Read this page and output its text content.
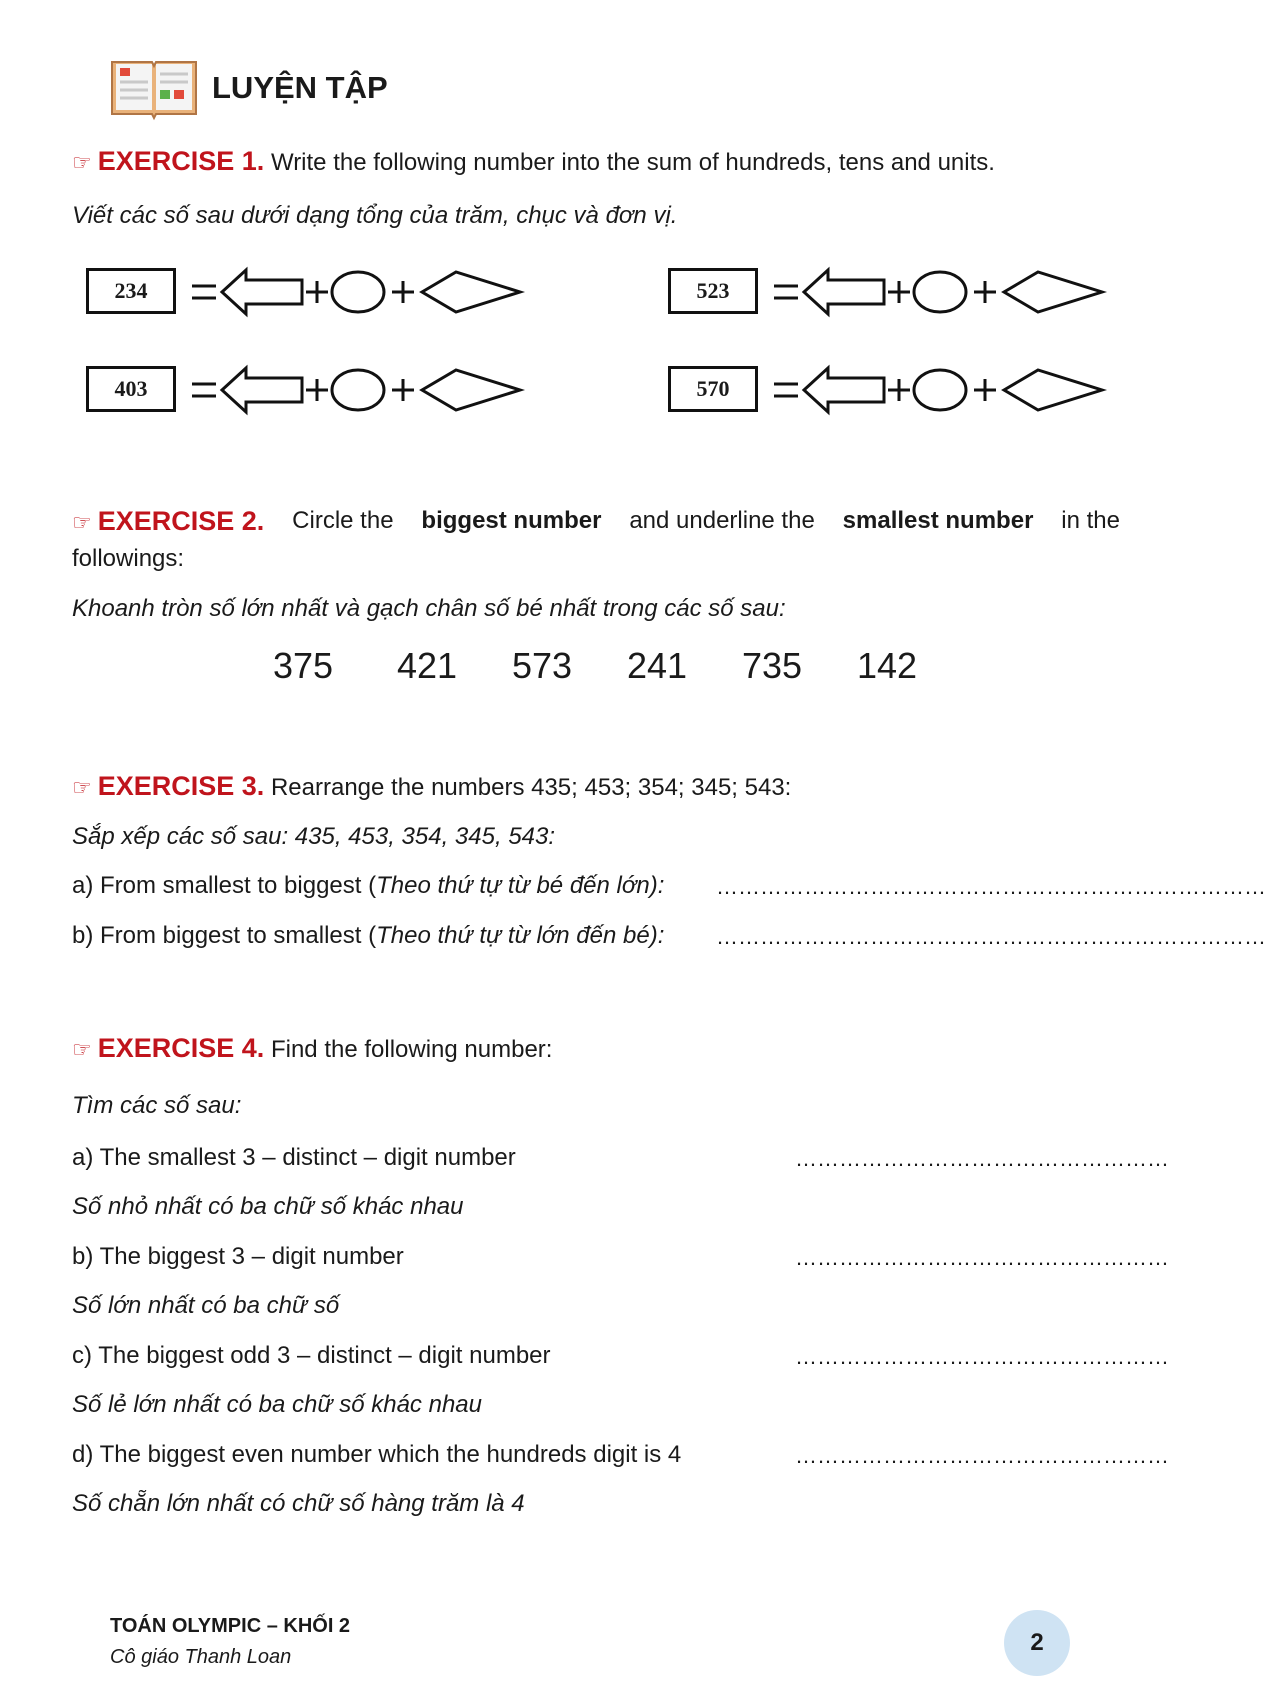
LUYỆN TẬP
☞ EXERCISE 1. Write the following number into the sum of hundreds, tens and units.
Viết các số sau dưới dạng tổng của trăm, chục và đơn vị.
234	523
403	570
☞ EXERCISE 2. Circle the biggest number and underline the smallest number in the
followings:
Khoanh tròn số lớn nhất và gạch chân số bé nhất trong các số sau:
375 421 573 241 735 142
☞ EXERCISE 3. Rearrange the numbers 435; 453; 354; 345; 543:
Sắp xếp các số sau: 435, 453, 354, 345, 543:
a) From smallest to biggest (Theo thứ tự từ bé đến lớn): …………………………………………………………………
b) From biggest to smallest (Theo thứ tự từ lớn đến bé): …………………………………………………………………
☞ EXERCISE 4. Find the following number:
Tìm các số sau:
a) The smallest 3 – distinct – digit number	……………………………………………
Số nhỏ nhất có ba chữ số khác nhau
b) The biggest 3 – digit number	……………………………………………
Số lớn nhất có ba chữ số
c) The biggest odd 3 – distinct – digit number	……………………………………………
Số lẻ lớn nhất có ba chữ số khác nhau
d) The biggest even number which the hundreds digit is 4	……………………………………………
Số chẵn lớn nhất có chữ số hàng trăm là 4
TOÁN OLYMPIC – KHỐI 2
Cô giáo Thanh Loan
2
